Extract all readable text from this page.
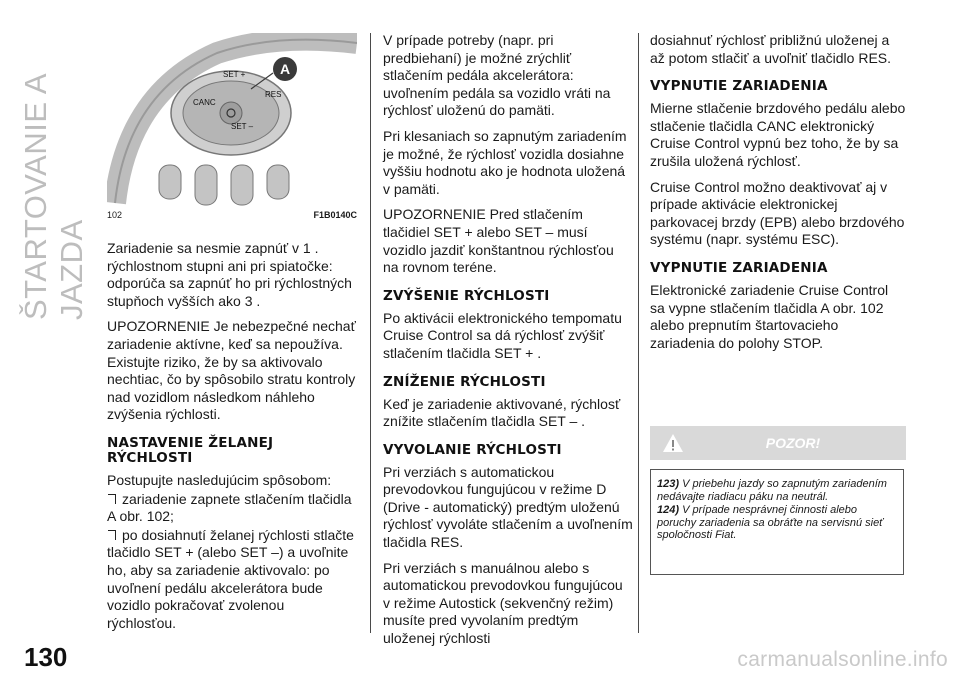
ŠTARTOVANIE A JAZDA
A
SET +
CANC
RES
SET –
102	F1B0140C

Zariadenie sa nesmie zapnúť v 1 . rýchlostnom stupni ani pri spiatočke: odporúča sa zapnúť ho pri rýchlostných stupňoch vyšších ako 3 .

UPOZORNENIE Je nebezpečné nechať zariadenie aktívne, keď sa nepoužíva. Existujte riziko, že by sa aktivovalo nechtiac, čo by spôsobilo stratu kontroly nad vozidlom následkom náhleho zvýšenia rýchlosti.

NASTAVENIE ŽELANEJ RÝCHLOSTI

Postupujte nasledujúcim spôsobom:

zariadenie zapnete stlačením tlačidla A obr. 102;

po dosiahnutí želanej rýchlosti stlačte tlačidlo SET + (alebo SET –) a uvoľnite ho, aby sa zariadenie aktivovalo: po uvoľnení pedálu akcelerátora bude vozidlo pokračovať zvolenou rýchlosťou.

V prípade potreby (napr. pri predbiehaní) je možné zrýchliť stlačením pedála akcelerátora: uvoľnením pedála sa vozidlo vráti na rýchlosť uloženú do pamäti.

Pri klesaniach so zapnutým zariadením je možné, že rýchlosť vozidla dosiahne vyššiu hodnotu ako je hodnota uložená v pamäti.

UPOZORNENIE Pred stlačením tlačidiel SET + alebo SET – musí vozidlo jazdiť konštantnou rýchlosťou na rovnom teréne.

ZVÝŠENIE RÝCHLOSTI

Po aktivácii elektronického tempomatu Cruise Control sa dá rýchlosť zvýšiť stlačením tlačidla SET + .

ZNÍŽENIE RÝCHLOSTI

Keď je zariadenie aktivované, rýchlosť znížite stlačením tlačidla SET – .

VYVOLANIE RÝCHLOSTI

Pri verziách s automatickou prevodovkou fungujúcou v režime D (Drive - automatický) predtým uloženú rýchlosť vyvoláte stlačením a uvoľnením tlačidla RES.

Pri verziách s manuálnou alebo s automatickou prevodovkou fungujúcou v režime Autostick (sekvenčný režim) musíte pred vyvolaním predtým uloženej rýchlosti

dosiahnuť rýchlosť približnú uloženej a až potom stlačiť a uvoľniť tlačidlo RES.

VYPNUTIE ZARIADENIA

Mierne stlačenie brzdového pedálu alebo stlačenie tlačidla CANC elektronický Cruise Control vypnú bez toho, že by sa zrušila uložená rýchlosť.

Cruise Control možno deaktivovať aj v prípade aktivácie elektronickej parkovacej brzdy (EPB) alebo brzdového systému (napr. systému ESC).

VYPNUTIE ZARIADENIA

Elektronické zariadenie Cruise Control sa vypne stlačením tlačidla A obr. 102 alebo prepnutím štartovacieho zariadenia do polohy STOP.

POZOR!

123) V priebehu jazdy so zapnutým zariadením nedávajte riadiacu páku na neutrál.

124) V prípade nesprávnej činnosti alebo poruchy zariadenia sa obráťte na servisnú sieť spoločnosti Fiat.

130	carmanualsonline.info
